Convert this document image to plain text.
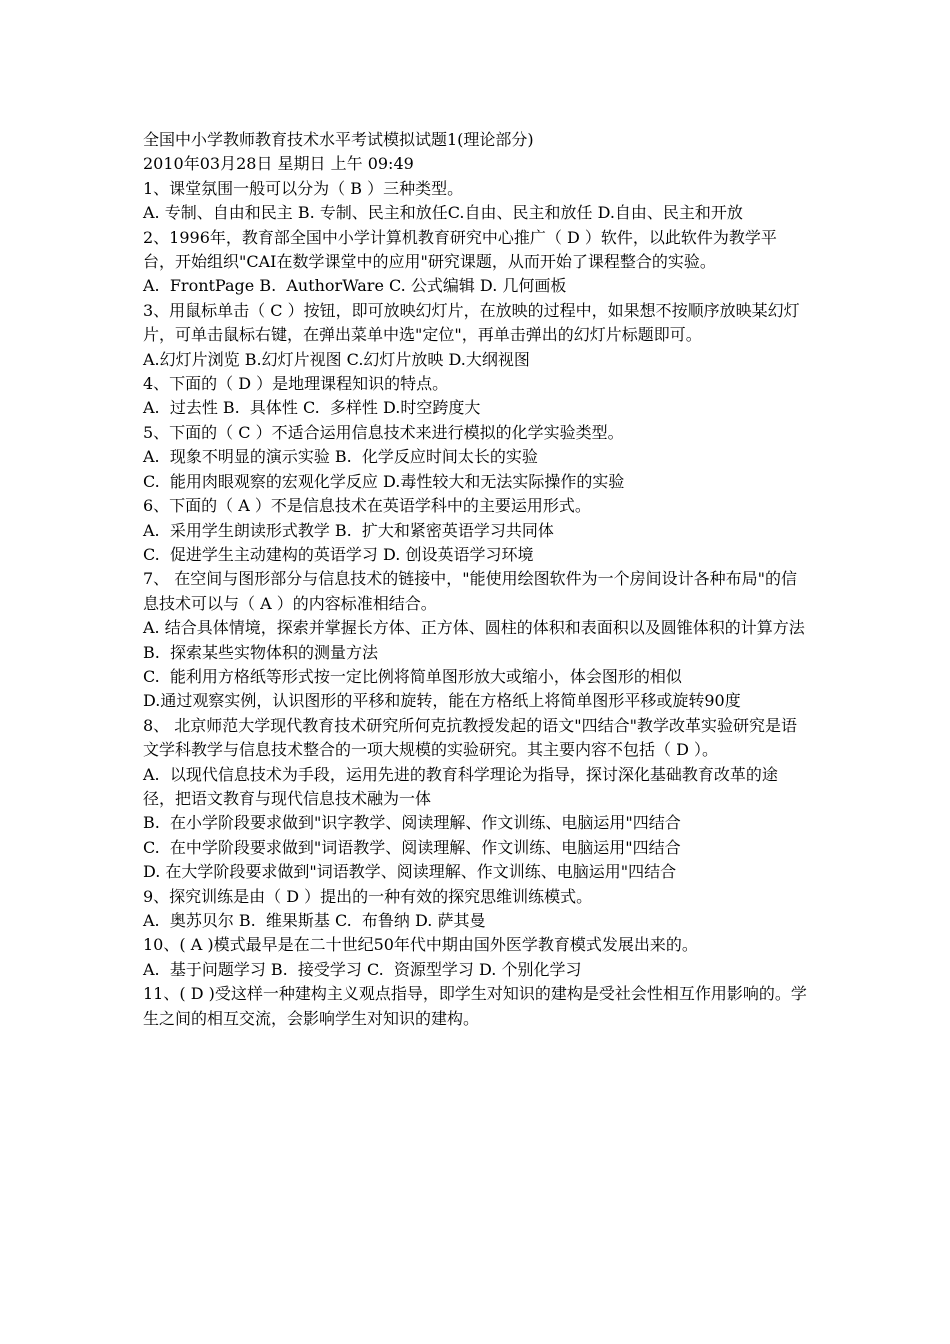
全国中小学教师教育技术水平考试模拟试题1(理论部分)

2010年03月28日 星期日 上午 09:49

1、课堂氛围一般可以分为（ B ）三种类型。

A. 专制、自由和民主 B. 专制、民主和放任C.自由、民主和放任 D.自由、民主和开放

2、1996年，教育部全国中小学计算机教育研究中心推广（ D ）软件，以此软件为教学平台，开始组织"CAI在数学课堂中的应用"研究课题，从而开始了课程整合的实验。

A.  FrontPage B.  AuthorWare C. 公式编辑 D. 几何画板

3、用鼠标单击（ C ）按钮，即可放映幻灯片，在放映的过程中，如果想不按顺序放映某幻灯片，可单击鼠标右键，在弹出菜单中选"定位"，再单击弹出的幻灯片标题即可。

A.幻灯片浏览 B.幻灯片视图 C.幻灯片放映 D.大纲视图

4、下面的（ D ）是地理课程知识的特点。

A.  过去性 B.  具体性 C.  多样性 D.时空跨度大

5、下面的（ C ）不适合运用信息技术来进行模拟的化学实验类型。

A.  现象不明显的演示实验 B.  化学反应时间太长的实验

C.  能用肉眼观察的宏观化学反应 D.毒性较大和无法实际操作的实验

6、下面的（ A ）不是信息技术在英语学科中的主要运用形式。

A.  采用学生朗读形式教学 B.  扩大和紧密英语学习共同体

C.  促进学生主动建构的英语学习 D. 创设英语学习环境

7、 在空间与图形部分与信息技术的链接中，"能使用绘图软件为一个房间设计各种布局"的信息技术可以与（ A ）的内容标准相结合。

A. 结合具体情境，探索并掌握长方体、正方体、圆柱的体积和表面积以及圆锥体积的计算方法

B.  探索某些实物体积的测量方法

C.  能利用方格纸等形式按一定比例将简单图形放大或缩小，体会图形的相似

D.通过观察实例，认识图形的平移和旋转，能在方格纸上将简单图形平移或旋转90度

8、 北京师范大学现代教育技术研究所何克抗教授发起的语文"四结合"教学改革实验研究是语文学科教学与信息技术整合的一项大规模的实验研究。其主要内容不包括（ D ）。

A.  以现代信息技术为手段，运用先进的教育科学理论为指导，探讨深化基础教育改革的途径，把语文教育与现代信息技术融为一体

B.  在小学阶段要求做到"识字教学、阅读理解、作文训练、电脑运用"四结合

C.  在中学阶段要求做到"词语教学、阅读理解、作文训练、电脑运用"四结合

D. 在大学阶段要求做到"词语教学、阅读理解、作文训练、电脑运用"四结合

9、探究训练是由（ D ）提出的一种有效的探究思维训练模式。

A.  奥苏贝尔 B.  维果斯基 C.  布鲁纳 D. 萨其曼

10、( A )模式最早是在二十世纪50年代中期由国外医学教育模式发展出来的。

A.  基于问题学习 B.  接受学习 C.  资源型学习 D. 个别化学习

11、( D )受这样一种建构主义观点指导，即学生对知识的建构是受社会性相互作用影响的。学生之间的相互交流，会影响学生对知识的建构。
